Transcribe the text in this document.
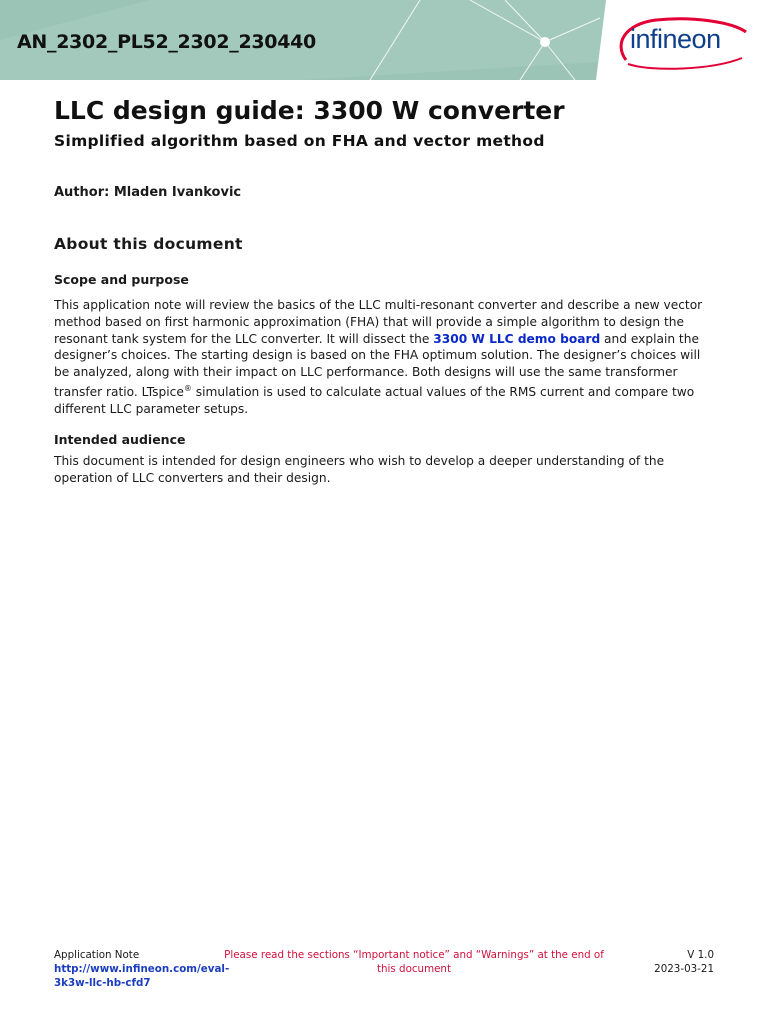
AN_2302_PL52_2302_230440	infineon
LLC design guide: 3300 W converter
Simplified algorithm based on FHA and vector method
Author: Mladen Ivankovic
About this document
Scope and purpose

This application note will review the basics of the LLC multi-resonant converter and describe a new vector method based on first harmonic approximation (FHA) that will provide a simple algorithm to design the resonant tank system for the LLC converter. It will dissect the 3300 W LLC demo board and explain the designer’s choices. The starting design is based on the FHA optimum solution. The designer’s choices will be analyzed, along with their impact on LLC performance. Both designs will use the same transformer transfer ratio. LTspice® simulation is used to calculate actual values of the RMS current and compare two different LLC parameter setups.

Intended audience

This document is intended for design engineers who wish to develop a deeper understanding of the operation of LLC converters and their design.

Application Note
http://www.infineon.com/eval-3k3w-llc-hb-cfd7
Please read the sections “Important notice” and “Warnings” at the end of this document
V 1.0
2023-03-21
